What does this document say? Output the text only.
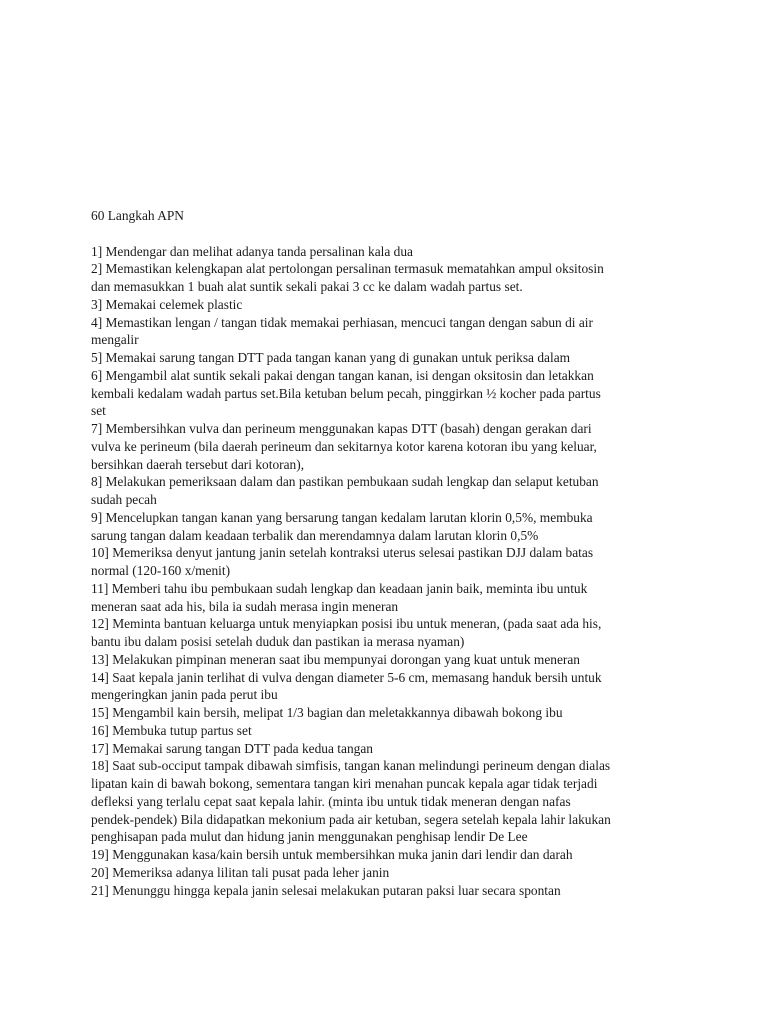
60 Langkah APN
1] Mendengar dan melihat adanya tanda persalinan kala dua
2] Memastikan kelengkapan alat pertolongan persalinan termasuk mematahkan ampul oksitosin
dan memasukkan 1 buah alat suntik sekali pakai 3 cc ke dalam wadah partus set.
3] Memakai celemek plastic
4] Memastikan lengan / tangan tidak memakai perhiasan, mencuci tangan dengan sabun di air
mengalir
5] Memakai sarung tangan DTT pada tangan kanan yang di gunakan untuk periksa dalam
6] Mengambil alat suntik sekali pakai dengan tangan kanan, isi dengan oksitosin dan letakkan
kembali kedalam wadah partus set.Bila ketuban belum pecah, pinggirkan ½ kocher pada partus
set
7] Membersihkan vulva dan perineum menggunakan kapas DTT (basah) dengan gerakan dari
vulva ke perineum (bila daerah perineum dan sekitarnya kotor karena kotoran ibu yang keluar,
bersihkan daerah tersebut dari kotoran),
8] Melakukan pemeriksaan dalam dan pastikan pembukaan sudah lengkap dan selaput ketuban
sudah pecah
9] Mencelupkan tangan kanan yang bersarung tangan kedalam larutan klorin 0,5%, membuka
sarung tangan dalam keadaan terbalik dan merendamnya dalam larutan klorin 0,5%
10] Memeriksa denyut jantung janin setelah kontraksi uterus selesai pastikan DJJ dalam batas
normal (120-160 x/menit)
11] Memberi tahu ibu pembukaan sudah lengkap dan keadaan janin baik, meminta ibu untuk
meneran saat ada his, bila ia sudah merasa ingin meneran
12] Meminta bantuan keluarga untuk menyiapkan posisi ibu untuk meneran, (pada saat ada his,
bantu ibu dalam posisi setelah duduk dan pastikan ia merasa nyaman)
13] Melakukan pimpinan meneran saat ibu mempunyai dorongan yang kuat untuk meneran
14] Saat kepala janin terlihat di vulva dengan diameter 5-6 cm, memasang handuk bersih untuk
mengeringkan janin pada perut ibu
15] Mengambil kain bersih, melipat 1/3 bagian dan meletakkannya dibawah bokong ibu
16] Membuka tutup partus set
17] Memakai sarung tangan DTT pada kedua tangan
18] Saat sub-occiput tampak dibawah simfisis, tangan kanan melindungi perineum dengan dialas
lipatan kain di bawah bokong, sementara tangan kiri menahan puncak kepala agar tidak terjadi
defleksi yang terlalu cepat saat kepala lahir. (minta ibu untuk tidak meneran dengan nafas
pendek-pendek) Bila didapatkan mekonium pada air ketuban, segera setelah kepala lahir lakukan
penghisapan pada mulut dan hidung janin menggunakan penghisap lendir De Lee
19] Menggunakan kasa/kain bersih untuk membersihkan muka janin dari lendir dan darah
20] Memeriksa adanya lilitan tali pusat pada leher janin
21] Menunggu hingga kepala janin selesai melakukan putaran paksi luar secara spontan
